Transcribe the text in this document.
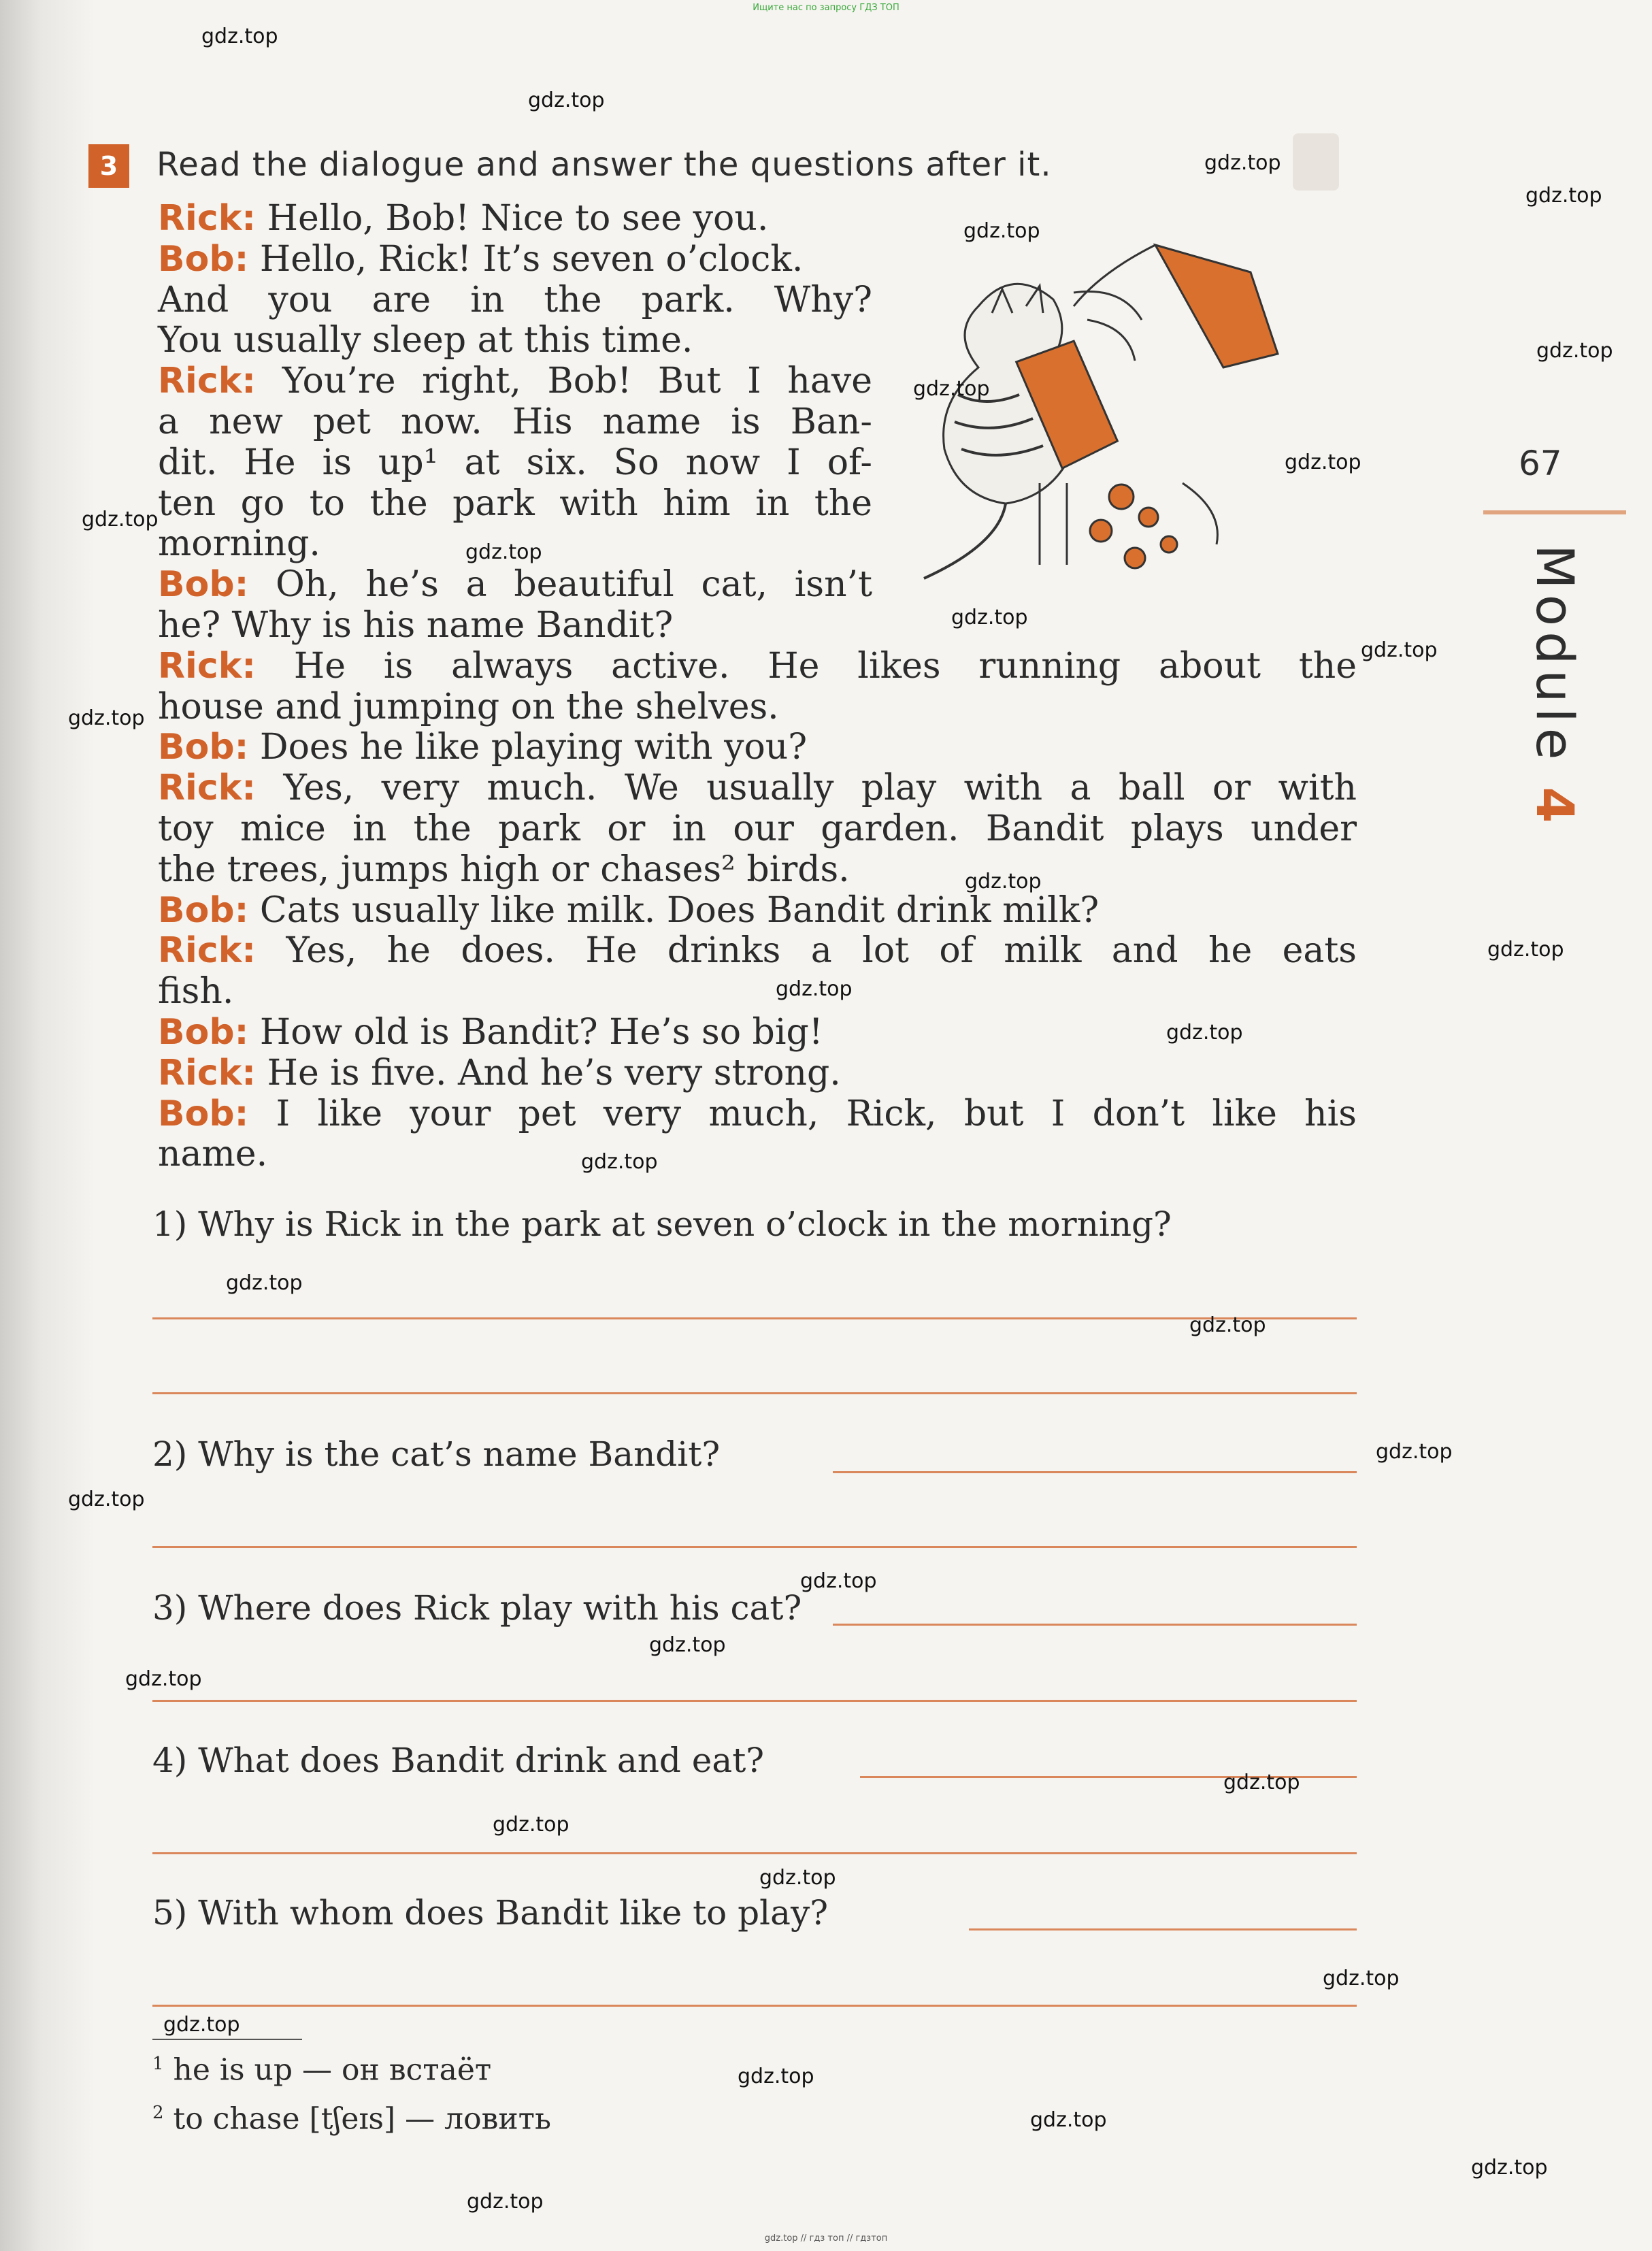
Ищите нас по запросу ГДЗ ТОП
3	Read the dialogue and answer the questions after it.
Rick: Hello, Bob! Nice to see you.
Bob: Hello, Rick! It’s seven o’clock.
And you are in the park. Why?
You usually sleep at this time.
Rick: You’re right, Bob! But I have
a new pet now. His name is Ban-
dit. He is up¹ at six. So now I of-
ten go to the park with him in the
morning.
Bob: Oh, he’s a beautiful cat, isn’t
he? Why is his name Bandit?
Rick: He is always active. He likes running about the
house and jumping on the shelves.
Bob: Does he like playing with you?
Rick: Yes, very much. We usually play with a ball or with
toy mice in the park or in our garden. Bandit plays under
the trees, jumps high or chases² birds.
Bob: Cats usually like milk. Does Bandit drink milk?
Rick: Yes, he does. He drinks a lot of milk and he eats
fish.
Bob: How old is Bandit? He’s so big!
Rick: He is five. And he’s very strong.
Bob: I like your pet very much, Rick, but I don’t like his
name.
1) Why is Rick in the park at seven o’clock in the morning?
2) Why is the cat’s name Bandit?
3) Where does Rick play with his cat?
4) What does Bandit drink and eat?
5) With whom does Bandit like to play?
$^1$ he is up — он встаёт
$^2$ to chase [tʃeɪs] — ловить
67
Module 4
gdz.top
gdz.top
gdz.top
gdz.top
gdz.top
gdz.top
gdz.top
gdz.top
gdz.top
gdz.top
gdz.top
gdz.top
gdz.top
gdz.top
gdz.top
gdz.top
gdz.top
gdz.top
gdz.top
gdz.top
gdz.top
gdz.top
gdz.top
gdz.top
gdz.top
gdz.top
gdz.top
gdz.top
gdz.top
gdz.top
gdz.top
gdz.top
gdz.top
gdz.top
gdz.top // гдз топ // гдзтоп
